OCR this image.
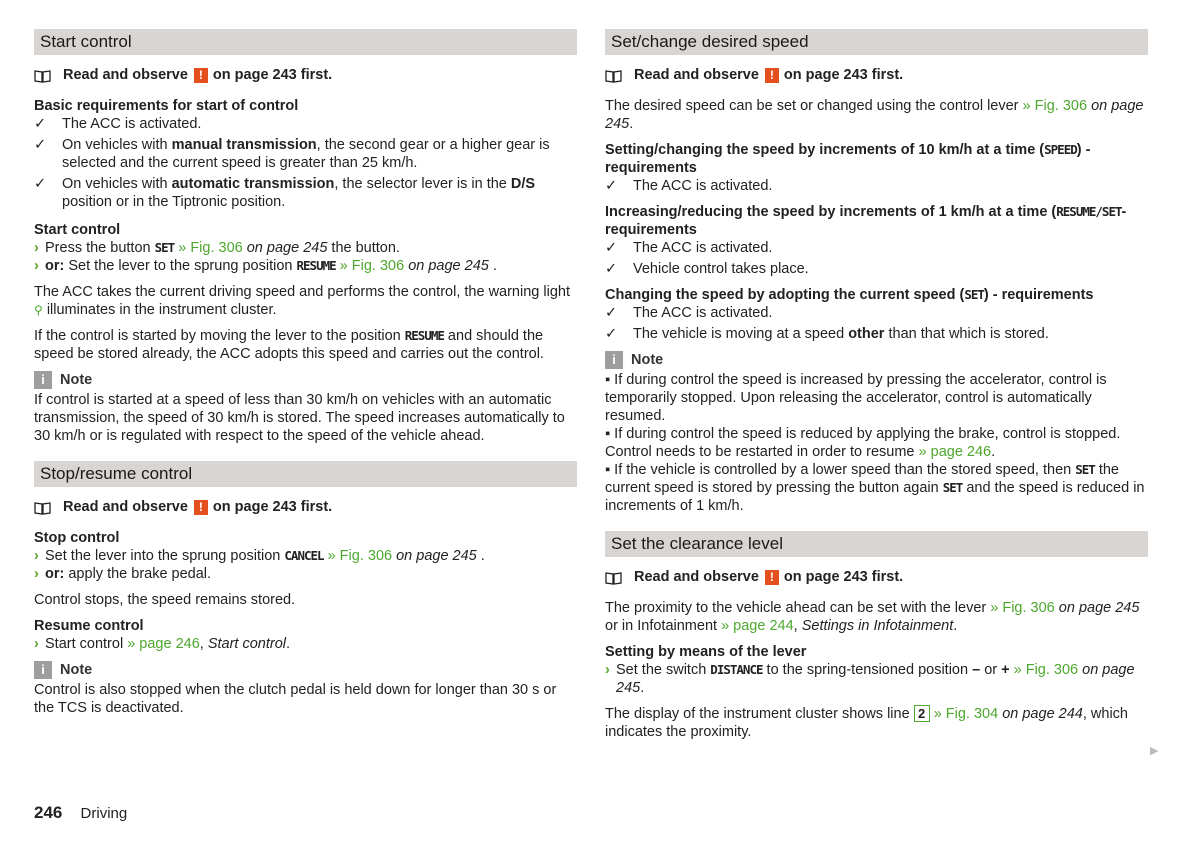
Start control
Read and observe ! on page 243 first.
Basic requirements for start of control
✓	The ACC is activated.
✓	On vehicles with manual transmission, the second gear or a higher gear is selected and the current speed is greater than 25 km/h.
✓	On vehicles with automatic transmission, the selector lever is in the D/S position or in the Tiptronic position.
Start control
› Press the button SET » Fig. 306 on page 245 the button.
› or: Set the lever to the sprung position RESUME » Fig. 306 on page 245 .
The ACC takes the current driving speed and performs the control, the warning light ⚲ illuminates in the instrument cluster.
If the control is started by moving the lever to the position RESUME and should the speed be stored already, the ACC adopts this speed and carries out the control.
i	Note
If control is started at a speed of less than 30 km/h on vehicles with an automatic transmission, the speed of 30 km/h is stored. The speed increases automatically to 30 km/h or is regulated with respect to the speed of the vehicle ahead.
Stop/resume control
Read and observe ! on page 243 first.
Stop control
› Set the lever into the sprung position CANCEL » Fig. 306 on page 245 .
› or: apply the brake pedal.
Control stops, the speed remains stored.
Resume control
› Start control » page 246, Start control.
i	Note
Control is also stopped when the clutch pedal is held down for longer than 30 s or the TCS is deactivated.
Set/change desired speed
Read and observe ! on page 243 first.
The desired speed can be set or changed using the control lever » Fig. 306 on page 245.
Setting/changing the speed by increments of 10 km/h at a time (SPEED) - requirements
✓	The ACC is activated.
Increasing/reducing the speed by increments of 1 km/h at a time (RESUME/SET- requirements
✓	The ACC is activated.
✓	Vehicle control takes place.
Changing the speed by adopting the current speed (SET) - requirements
✓	The ACC is activated.
✓	The vehicle is moving at a speed other than that which is stored.
i	Note
▪ If during control the speed is increased by pressing the accelerator, control is temporarily stopped. Upon releasing the accelerator, control is automatically resumed.
▪ If during control the speed is reduced by applying the brake, control is stopped. Control needs to be restarted in order to resume » page 246.
▪ If the vehicle is controlled by a lower speed than the stored speed, then SET the current speed is stored by pressing the button again SET and the speed is reduced in increments of 1 km/h.
Set the clearance level
Read and observe ! on page 243 first.
The proximity to the vehicle ahead can be set with the lever » Fig. 306 on page 245 or in Infotainment » page 244, Settings in Infotainment.
Setting by means of the lever
› Set the switch DISTANCE to the spring-tensioned position – or + » Fig. 306 on page 245.
The display of the instrument cluster shows line 2 » Fig. 304 on page 244, which indicates the proximity.
▶
246 Driving
